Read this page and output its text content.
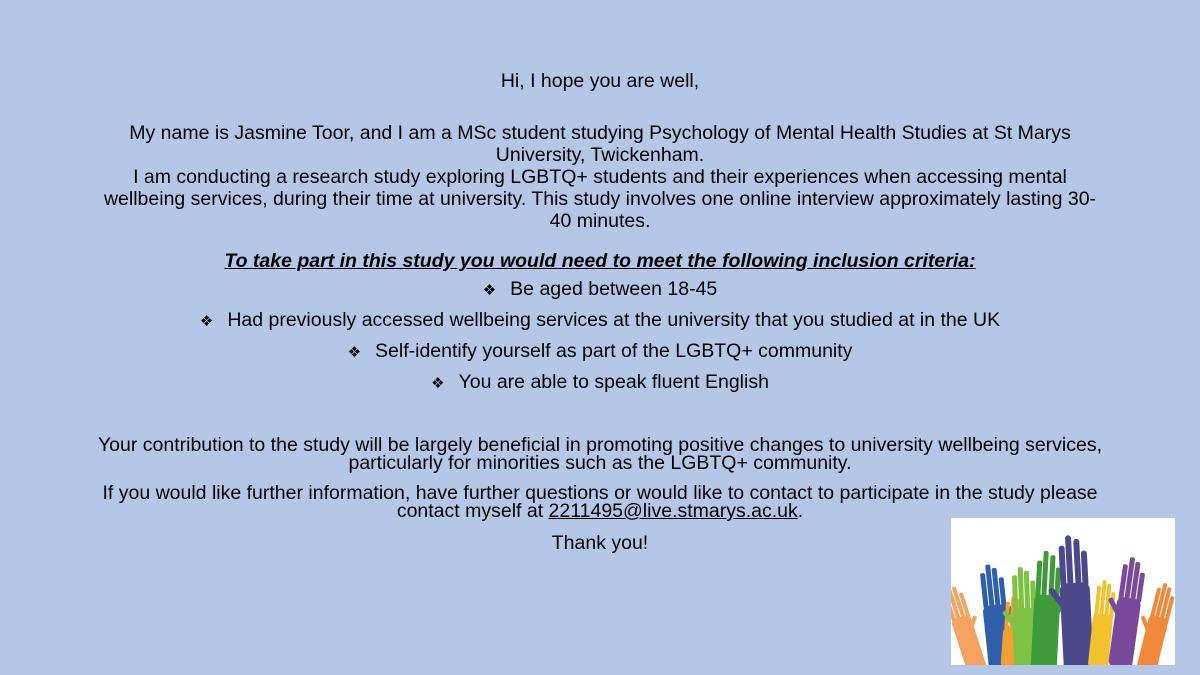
Hi, I hope you are well,

My name is Jasmine Toor, and I am a MSc student studying Psychology of Mental Health Studies at St Marys
University, Twickenham.
I am conducting a research study exploring LGBTQ+ students and their experiences when accessing mental
wellbeing services, during their time at university. This study involves one online interview approximately lasting 30-
40 minutes.

To take part in this study you would need to meet the following inclusion criteria:

❖ Be aged between 18-45
❖ Had previously accessed wellbeing services at the university that you studied at in the UK
❖ Self-identify yourself as part of the LGBTQ+ community
❖ You are able to speak fluent English

Your contribution to the study will be largely beneficial in promoting positive changes to university wellbeing services,
particularly for minorities such as the LGBTQ+ community.

If you would like further information, have further questions or would like to contact to participate in the study please
contact myself at 2211495@live.stmarys.ac.uk.

Thank you!
